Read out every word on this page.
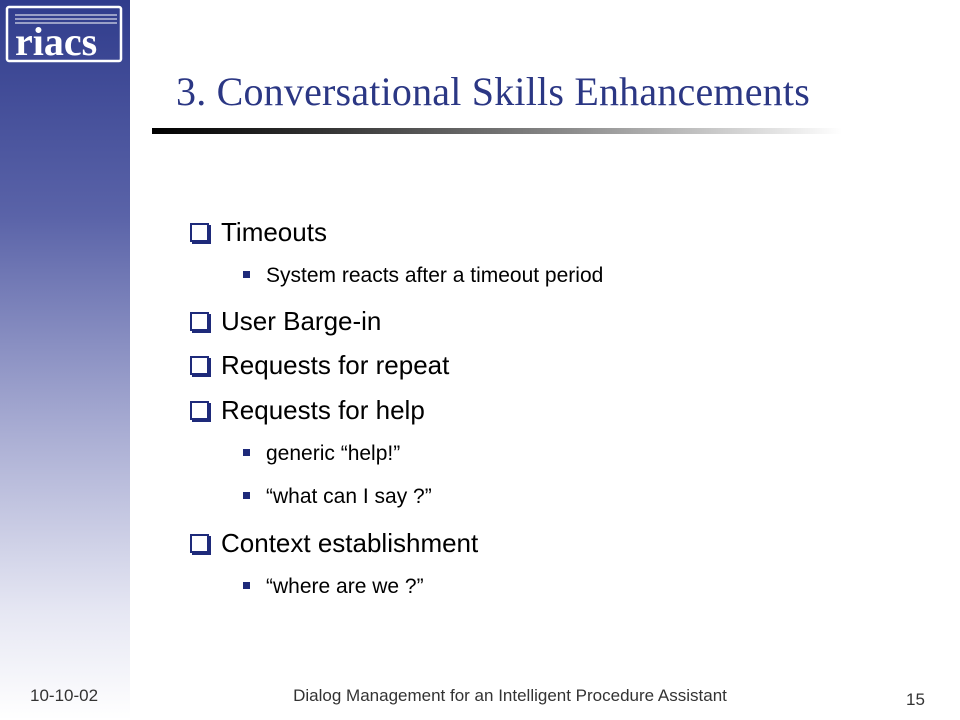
riacs
3. Conversational Skills Enhancements
Timeouts
System reacts after a timeout period
User Barge-in
Requests for repeat
Requests for help
generic “help!”
“what can I say ?”
Context establishment
“where are we ?”
10-10-02	Dialog Management for an Intelligent Procedure Assistant	15
